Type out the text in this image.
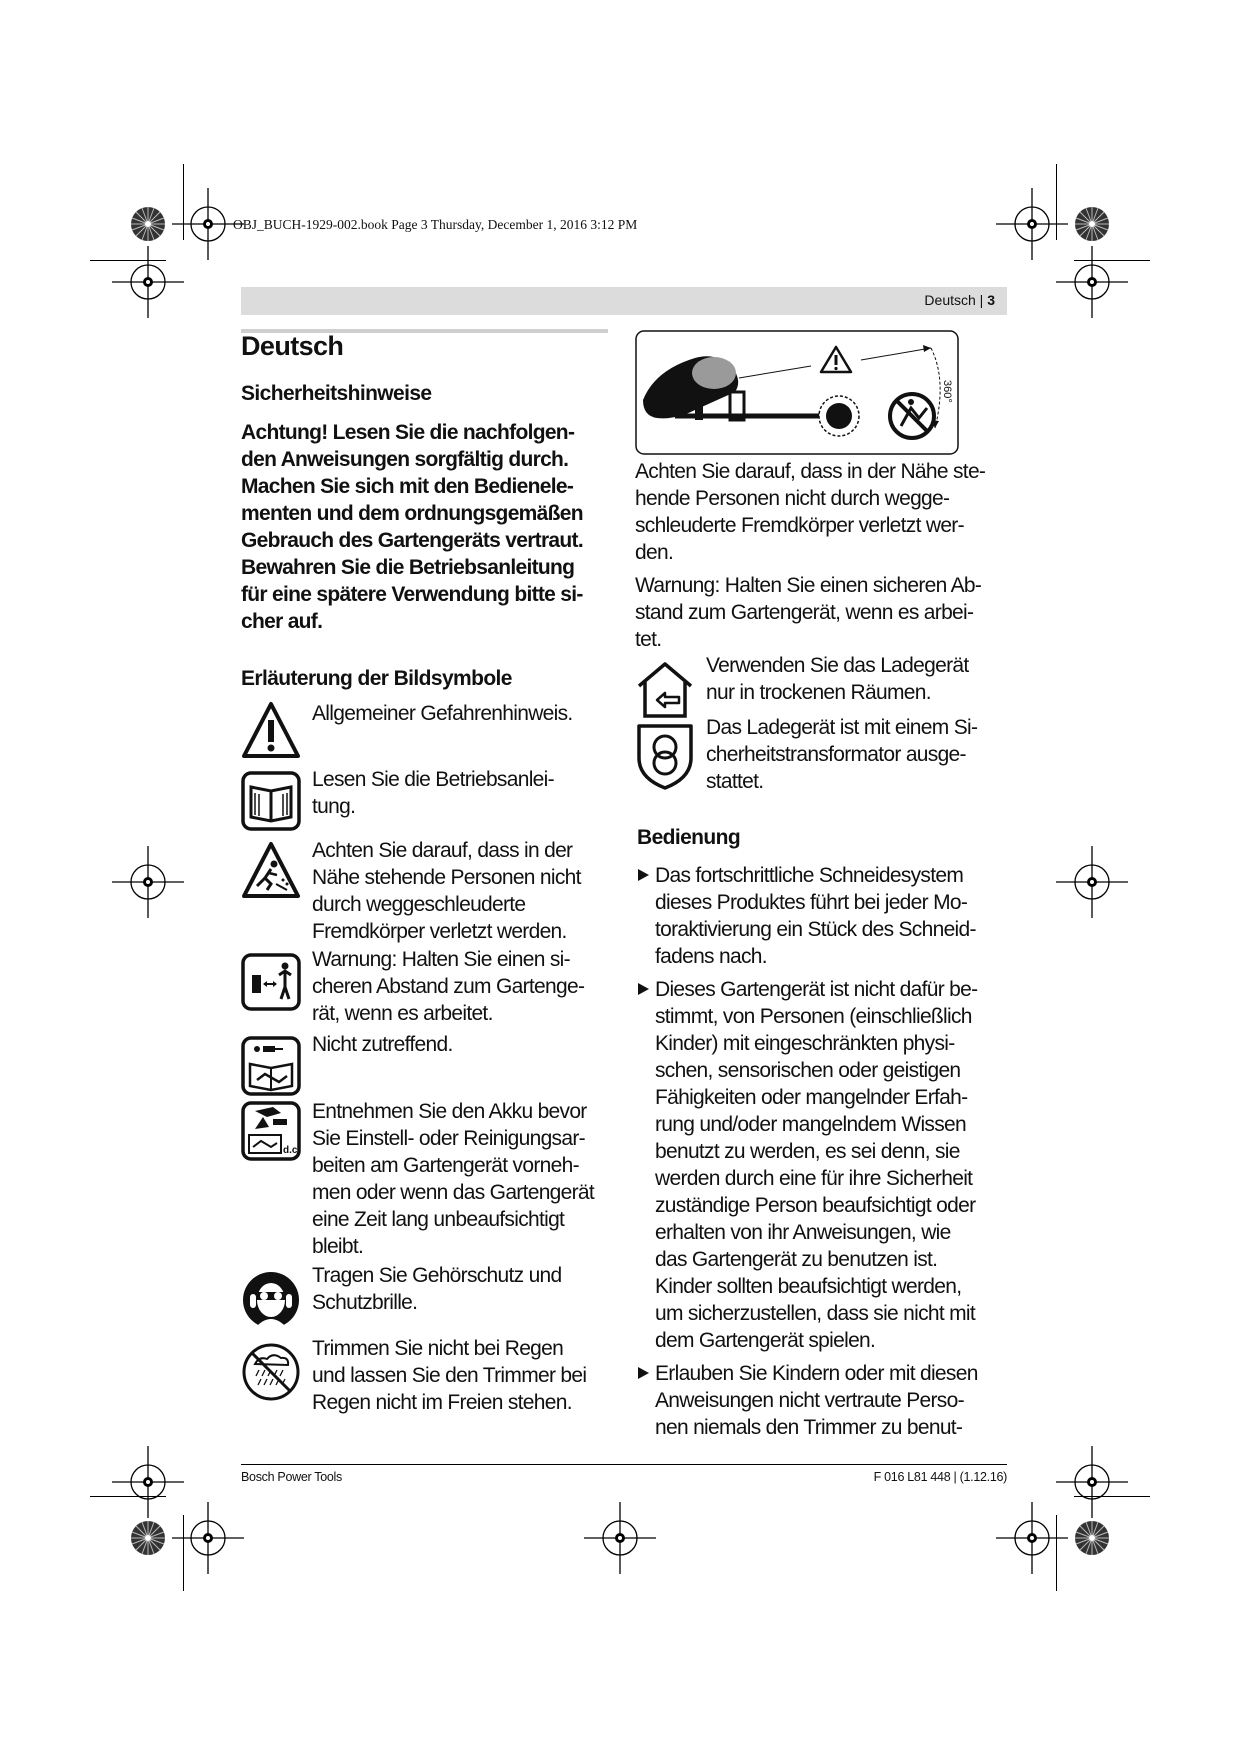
OBJ_BUCH-1929-002.book Page 3 Thursday, December 1, 2016 3:12 PM
Deutsch | 3
Deutsch
Sicherheitshinweise
Achtung! Lesen Sie die nachfolgen-
den Anweisungen sorgfältig durch.
Machen Sie sich mit den Bedienele-
menten und dem ordnungsgemäßen
Gebrauch des Gartengeräts vertraut.
Bewahren Sie die Betriebsanleitung
für eine spätere Verwendung bitte si-
cher auf.
Erläuterung der Bildsymbole
Allgemeiner Gefahrenhinweis.
Lesen Sie die Betriebsanlei-
tung.
Achten Sie darauf, dass in der
Nähe stehende Personen nicht
durch weggeschleuderte
Fremdkörper verletzt werden.
Warnung: Halten Sie einen si-
cheren Abstand zum Gartenge-
rät, wenn es arbeitet.
Nicht zutreffend.
d.c.
Entnehmen Sie den Akku bevor
Sie Einstell- oder Reinigungsar-
beiten am Gartengerät vorneh-
men oder wenn das Gartengerät
eine Zeit lang unbeaufsichtigt
bleibt.
Tragen Sie Gehörschutz und
Schutzbrille.
Trimmen Sie nicht bei Regen
und lassen Sie den Trimmer bei
Regen nicht im Freien stehen.
360°
Achten Sie darauf, dass in der Nähe ste-
hende Personen nicht durch wegge-
schleuderte Fremdkörper verletzt wer-
den.
Warnung: Halten Sie einen sicheren Ab-
stand zum Gartengerät, wenn es arbei-
tet.
Verwenden Sie das Ladegerät
nur in trockenen Räumen.
Das Ladegerät ist mit einem Si-
cherheitstransformator ausge-
stattet.
Bedienung
Das fortschrittliche Schneidesystem
dieses Produktes führt bei jeder Mo-
toraktivierung ein Stück des Schneid-
fadens nach.
Dieses Gartengerät ist nicht dafür be-
stimmt, von Personen (einschließlich
Kinder) mit eingeschränkten physi-
schen, sensorischen oder geistigen
Fähigkeiten oder mangelnder Erfah-
rung und/oder mangelndem Wissen
benutzt zu werden, es sei denn, sie
werden durch eine für ihre Sicherheit
zuständige Person beaufsichtigt oder
erhalten von ihr Anweisungen, wie
das Gartengerät zu benutzen ist.
Kinder sollten beaufsichtigt werden,
um sicherzustellen, dass sie nicht mit
dem Gartengerät spielen.
Erlauben Sie Kindern oder mit diesen
Anweisungen nicht vertraute Perso-
nen niemals den Trimmer zu benut-
Bosch Power Tools	F 016 L81 448 | (1.12.16)
